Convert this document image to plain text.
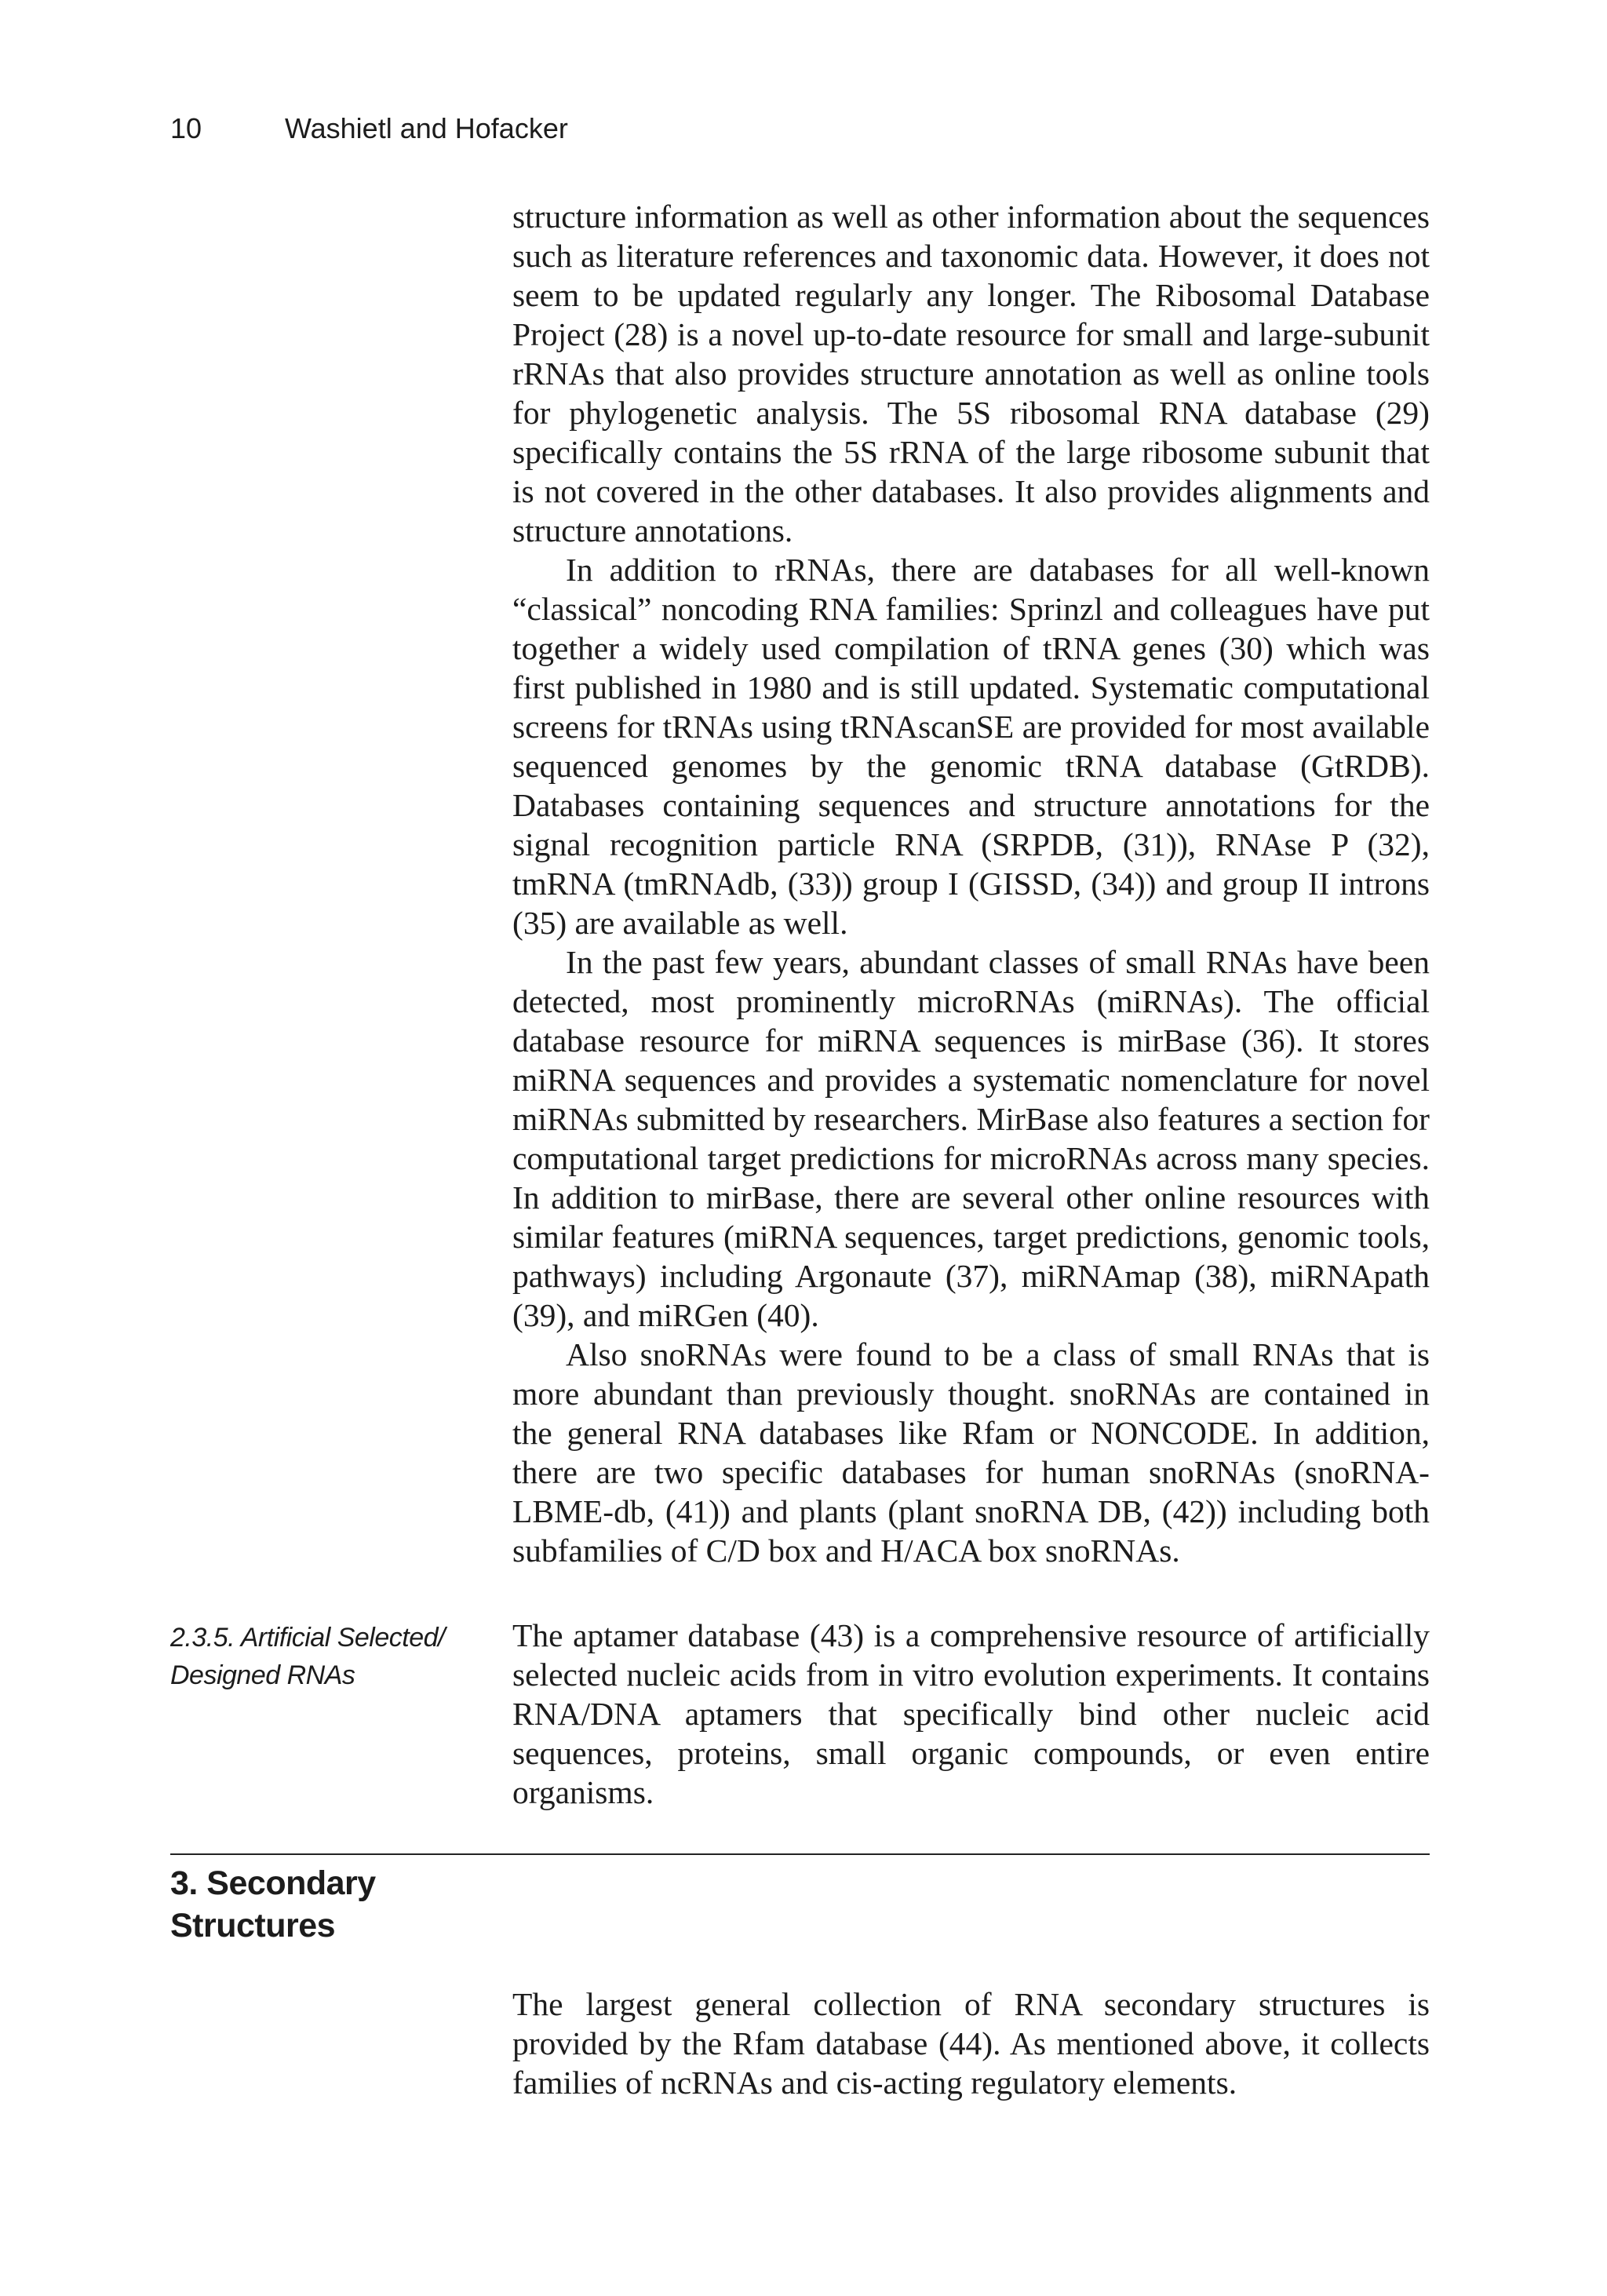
10	Washietl and Hofacker

structure information as well as other information about the sequences such as literature references and taxonomic data. However, it does not seem to be updated regularly any longer. The Ribosomal Database Project (28) is a novel up-to-date resource for small and large-subunit rRNAs that also provides structure annotation as well as online tools for phylogenetic analysis. The 5S ribosomal RNA database (29) specifically contains the 5S rRNA of the large ribosome subunit that is not covered in the other databases. It also provides alignments and structure annotations.

In addition to rRNAs, there are databases for all well-known “classical” noncoding RNA families: Sprinzl and colleagues have put together a widely used compilation of tRNA genes (30) which was first published in 1980 and is still updated. Systematic computational screens for tRNAs using tRNAscanSE are provided for most available sequenced genomes by the genomic tRNA database (GtRDB). Databases containing sequences and structure annotations for the signal recognition particle RNA (SRPDB, (31)), RNAse P (32), tmRNA (tmRNAdb, (33)) group I (GISSD, (34)) and group II introns (35) are available as well.

In the past few years, abundant classes of small RNAs have been detected, most prominently microRNAs (miRNAs). The official database resource for miRNA sequences is mirBase (36). It stores miRNA sequences and provides a systematic nomenclature for novel miRNAs submitted by researchers. MirBase also features a section for computational target predictions for microRNAs across many species. In addition to mirBase, there are several other online resources with similar features (miRNA sequences, target predictions, genomic tools, pathways) including Argonaute (37), miRNAmap (38), miRNApath (39), and miRGen (40).

Also snoRNAs were found to be a class of small RNAs that is more abundant than previously thought. snoRNAs are contained in the general RNA databases like Rfam or NONCODE. In addition, there are two specific databases for human snoRNAs (snoRNA-LBME-db, (41)) and plants (plant snoRNA DB, (42)) including both subfamilies of C/D box and H/ACA box snoRNAs.

2.3.5. Artificial Selected/ Designed RNAs

The aptamer database (43) is a comprehensive resource of artificially selected nucleic acids from in vitro evolution experiments. It contains RNA/DNA aptamers that specifically bind other nucleic acid sequences, proteins, small organic compounds, or even entire organisms.

3. Secondary Structures

The largest general collection of RNA secondary structures is provided by the Rfam database (44). As mentioned above, it collects families of ncRNAs and cis-acting regulatory elements.
